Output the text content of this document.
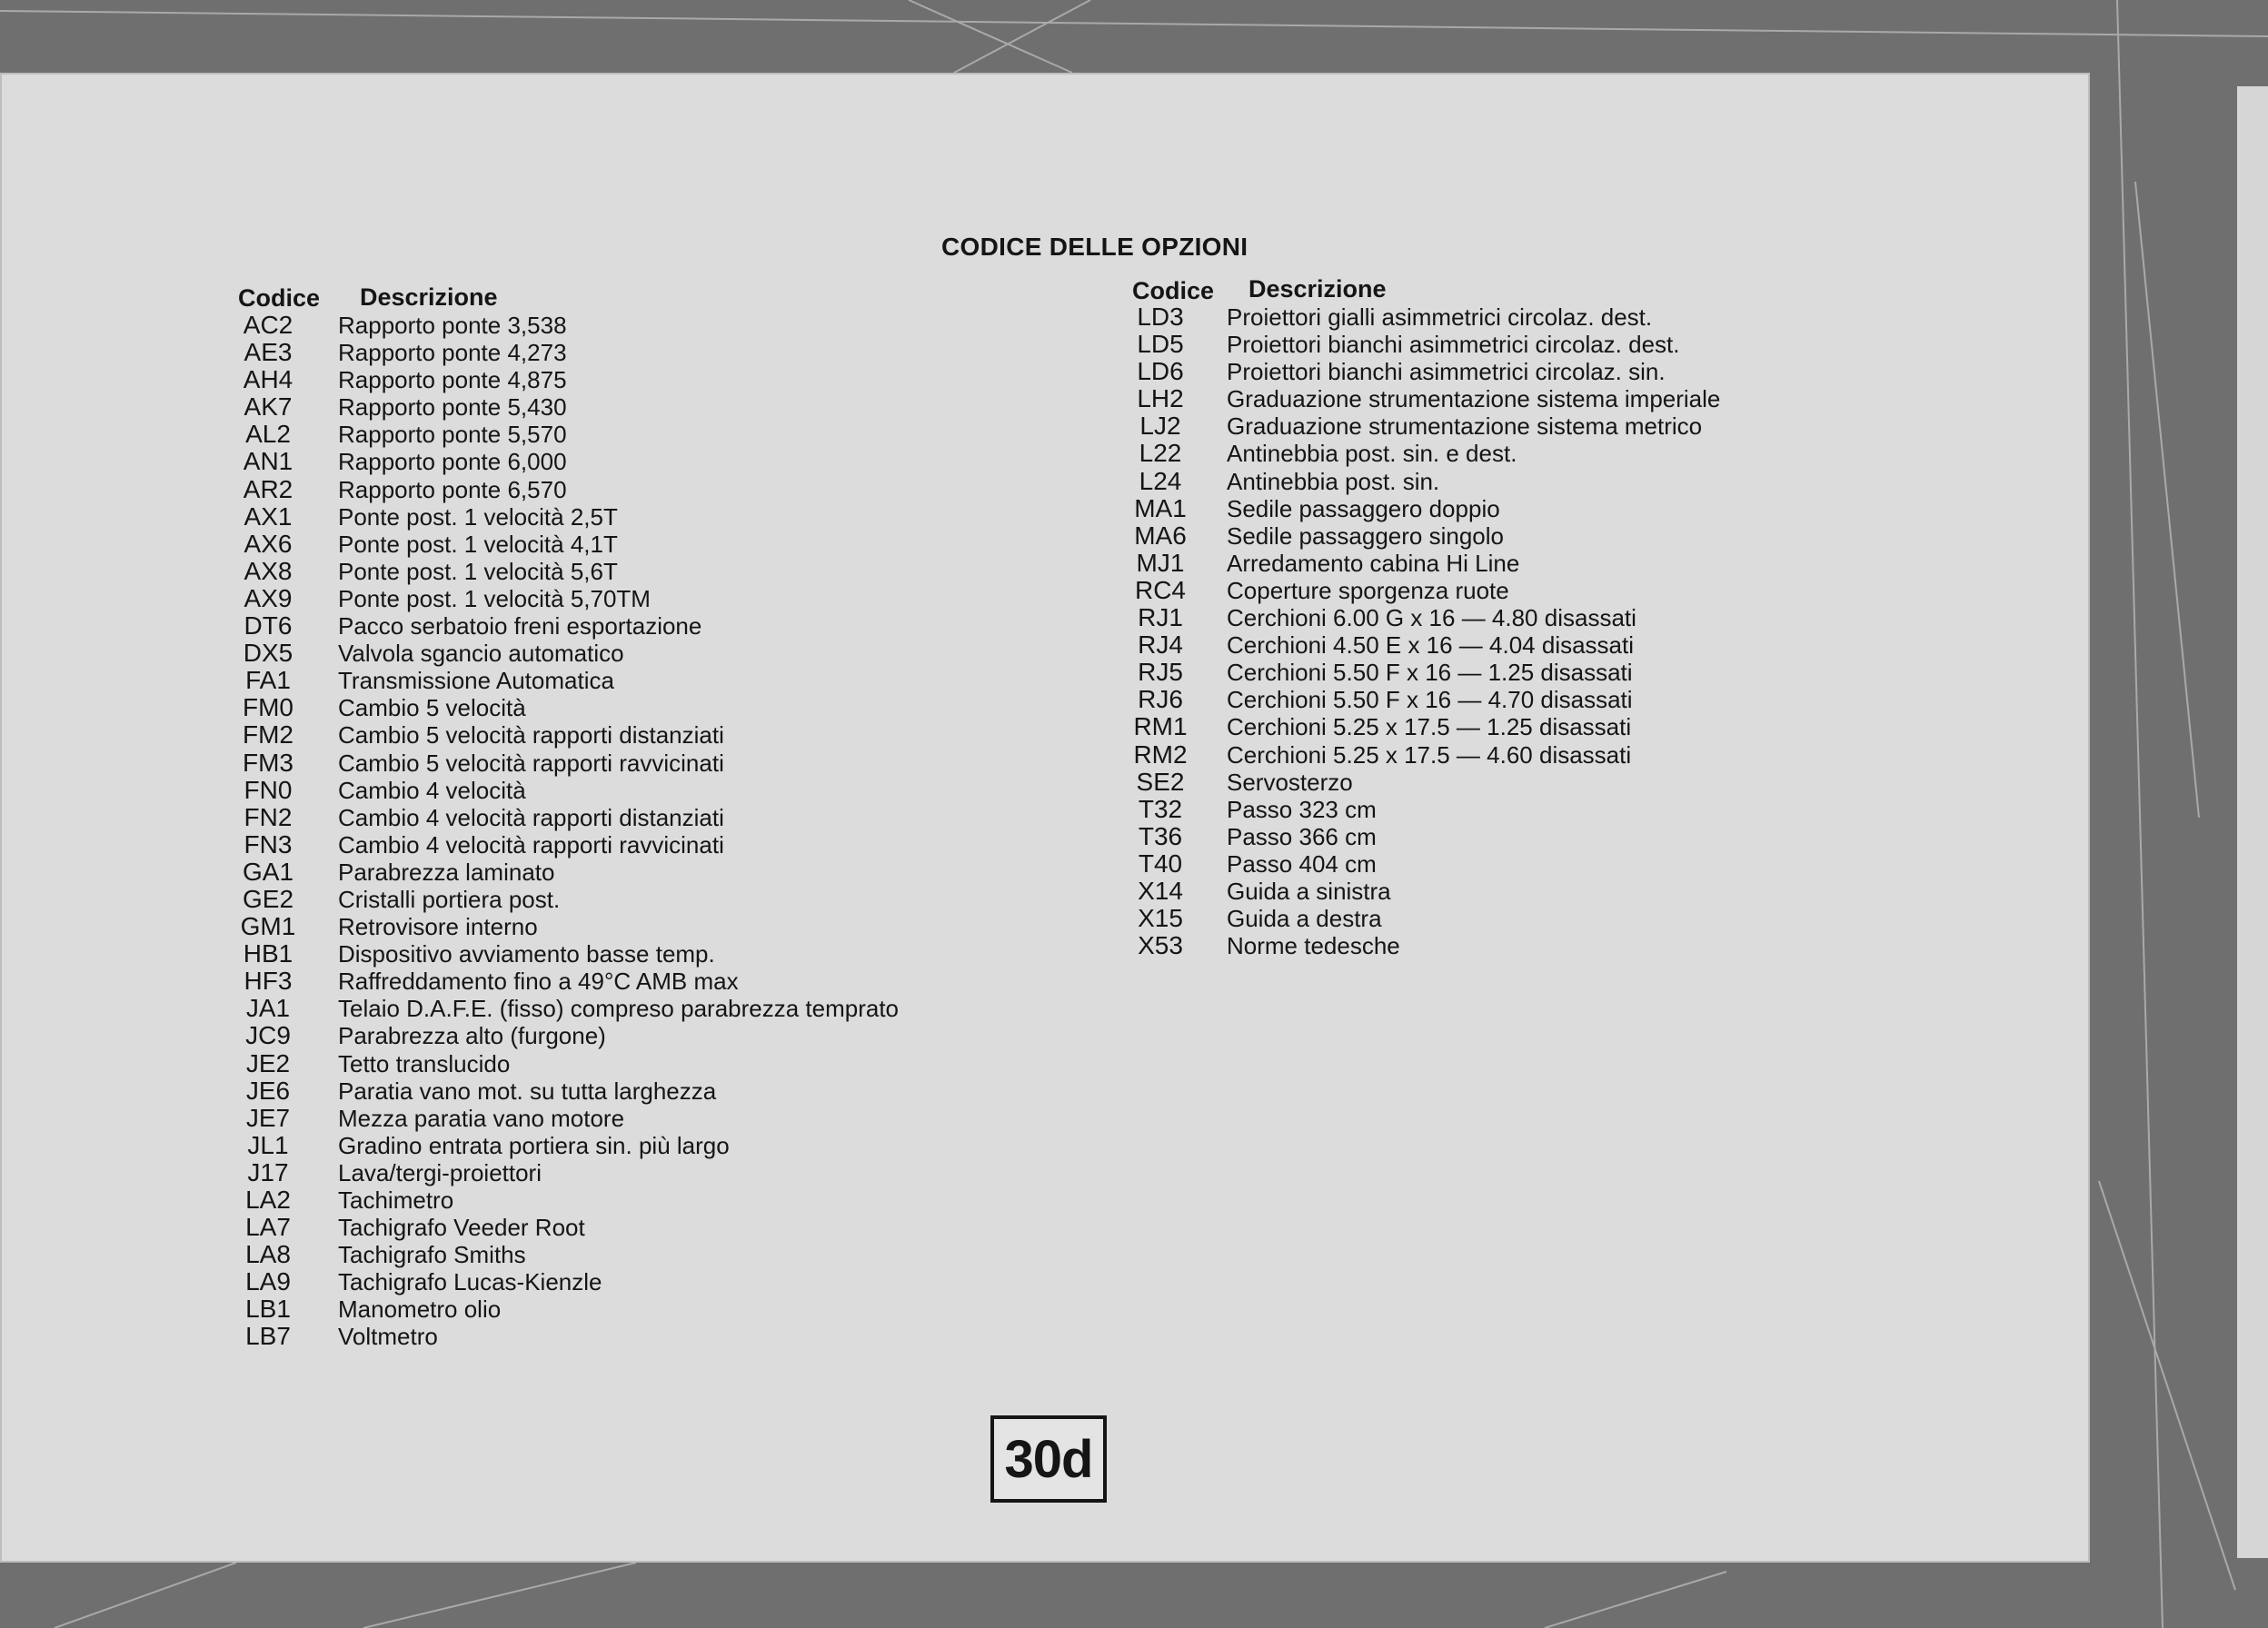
CODICE DELLE OPZIONI
Codice Descrizione	Codice Descrizione
AC2	Rapporto ponte 3,538
AE3	Rapporto ponte 4,273
AH4	Rapporto ponte 4,875
AK7	Rapporto ponte 5,430
AL2	Rapporto ponte 5,570
AN1	Rapporto ponte 6,000
AR2	Rapporto ponte 6,570
AX1	Ponte post. 1 velocità 2,5T
AX6	Ponte post. 1 velocità 4,1T
AX8	Ponte post. 1 velocità 5,6T
AX9	Ponte post. 1 velocità 5,70TM
DT6	Pacco serbatoio freni esportazione
DX5	Valvola sgancio automatico
FA1	Transmissione Automatica
FM0	Cambio 5 velocità
FM2	Cambio 5 velocità rapporti distanziati
FM3	Cambio 5 velocità rapporti ravvicinati
FN0	Cambio 4 velocità
FN2	Cambio 4 velocità rapporti distanziati
FN3	Cambio 4 velocità rapporti ravvicinati
GA1	Parabrezza laminato
GE2	Cristalli portiera post.
GM1	Retrovisore interno
HB1	Dispositivo avviamento basse temp.
HF3	Raffreddamento fino a 49°C AMB max
JA1	Telaio D.A.F.E. (fisso) compreso parabrezza temprato
JC9	Parabrezza alto (furgone)
JE2	Tetto translucido
JE6	Paratia vano mot. su tutta larghezza
JE7	Mezza paratia vano motore
JL1	Gradino entrata portiera sin. più largo
J17	Lava/tergi-proiettori
LA2	Tachimetro
LA7	Tachigrafo Veeder Root
LA8	Tachigrafo Smiths
LA9	Tachigrafo Lucas-Kienzle
LB1	Manometro olio
LB7	Voltmetro
LD3	Proiettori gialli asimmetrici circolaz. dest.
LD5	Proiettori bianchi asimmetrici circolaz. dest.
LD6	Proiettori bianchi asimmetrici circolaz. sin.
LH2	Graduazione strumentazione sistema imperiale
LJ2	Graduazione strumentazione sistema metrico
L22	Antinebbia post. sin. e dest.
L24	Antinebbia post. sin.
MA1	Sedile passaggero doppio
MA6	Sedile passaggero singolo
MJ1	Arredamento cabina Hi Line
RC4	Coperture sporgenza ruote
RJ1	Cerchioni 6.00 G x 16 — 4.80 disassati
RJ4	Cerchioni 4.50 E x 16 — 4.04 disassati
RJ5	Cerchioni 5.50 F x 16 — 1.25 disassati
RJ6	Cerchioni 5.50 F x 16 — 4.70 disassati
RM1	Cerchioni 5.25 x 17.5 — 1.25 disassati
RM2	Cerchioni 5.25 x 17.5 — 4.60 disassati
SE2	Servosterzo
T32	Passo 323 cm
T36	Passo 366 cm
T40	Passo 404 cm
X14	Guida a sinistra
X15	Guida a destra
X53	Norme tedesche
30d
